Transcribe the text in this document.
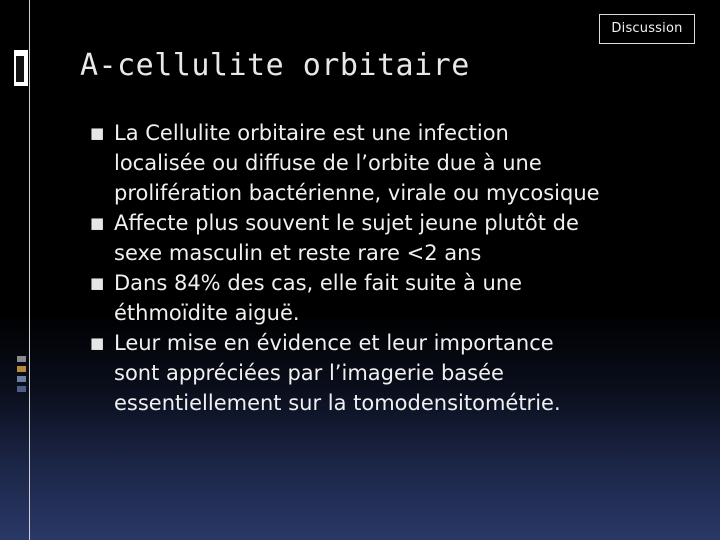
Discussion
A-cellulite orbitaire
■ La Cellulite orbitaire est une infection
localisée ou diffuse de l’orbite due à une
prolifération bactérienne, virale ou mycosique
■ Affecte plus souvent le sujet jeune plutôt de
sexe masculin et reste rare <2 ans
■ Dans 84% des cas, elle fait suite à une
éthmoïdite aiguë.
■ Leur mise en évidence et leur importance
sont appréciées par l’imagerie basée
essentiellement sur la tomodensitométrie.
